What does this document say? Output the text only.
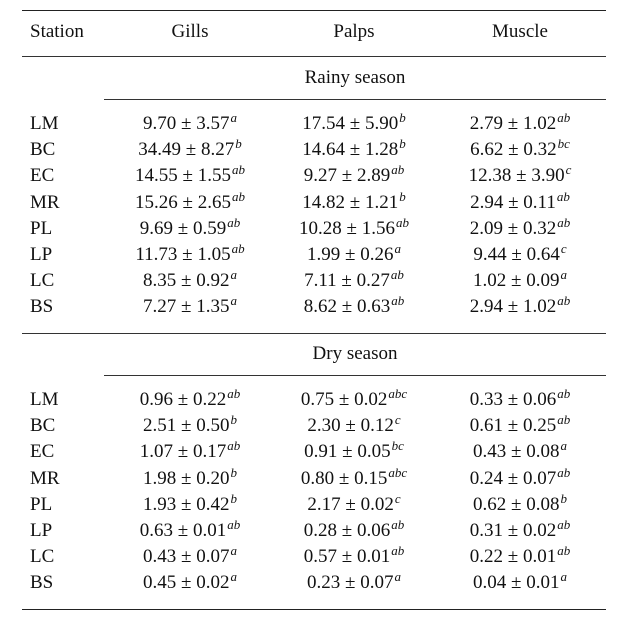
Station	Gills	Palps	Muscle
Rainy season
LM	9.70 ± 3.57$^a$	17.54 ± 5.90$^b$	2.79 ± 1.02$^{ab}$
BC	34.49 ± 8.27$^b$	14.64 ± 1.28$^b$	6.62 ± 0.32$^{bc}$
EC	14.55 ± 1.55$^{ab}$	9.27 ± 2.89$^{ab}$	12.38 ± 3.90$^c$
MR	15.26 ± 2.65$^{ab}$	14.82 ± 1.21$^b$	2.94 ± 0.11$^{ab}$
PL	9.69 ± 0.59$^{ab}$	10.28 ± 1.56$^{ab}$	2.09 ± 0.32$^{ab}$
LP	11.73 ± 1.05$^{ab}$	1.99 ± 0.26$^a$	9.44 ± 0.64$^c$
LC	8.35 ± 0.92$^a$	7.11 ± 0.27$^{ab}$	1.02 ± 0.09$^a$
BS	7.27 ± 1.35$^a$	8.62 ± 0.63$^{ab}$	2.94 ± 1.02$^{ab}$
Dry season
LM	0.96 ± 0.22$^{ab}$	0.75 ± 0.02$^{abc}$	0.33 ± 0.06$^{ab}$
BC	2.51 ± 0.50$^b$	2.30 ± 0.12$^c$	0.61 ± 0.25$^{ab}$
EC	1.07 ± 0.17$^{ab}$	0.91 ± 0.05$^{bc}$	0.43 ± 0.08$^a$
MR	1.98 ± 0.20$^b$	0.80 ± 0.15$^{abc}$	0.24 ± 0.07$^{ab}$
PL	1.93 ± 0.42$^b$	2.17 ± 0.02$^c$	0.62 ± 0.08$^b$
LP	0.63 ± 0.01$^{ab}$	0.28 ± 0.06$^{ab}$	0.31 ± 0.02$^{ab}$
LC	0.43 ± 0.07$^a$	0.57 ± 0.01$^{ab}$	0.22 ± 0.01$^{ab}$
BS	0.45 ± 0.02$^a$	0.23 ± 0.07$^a$	0.04 ± 0.01$^a$
